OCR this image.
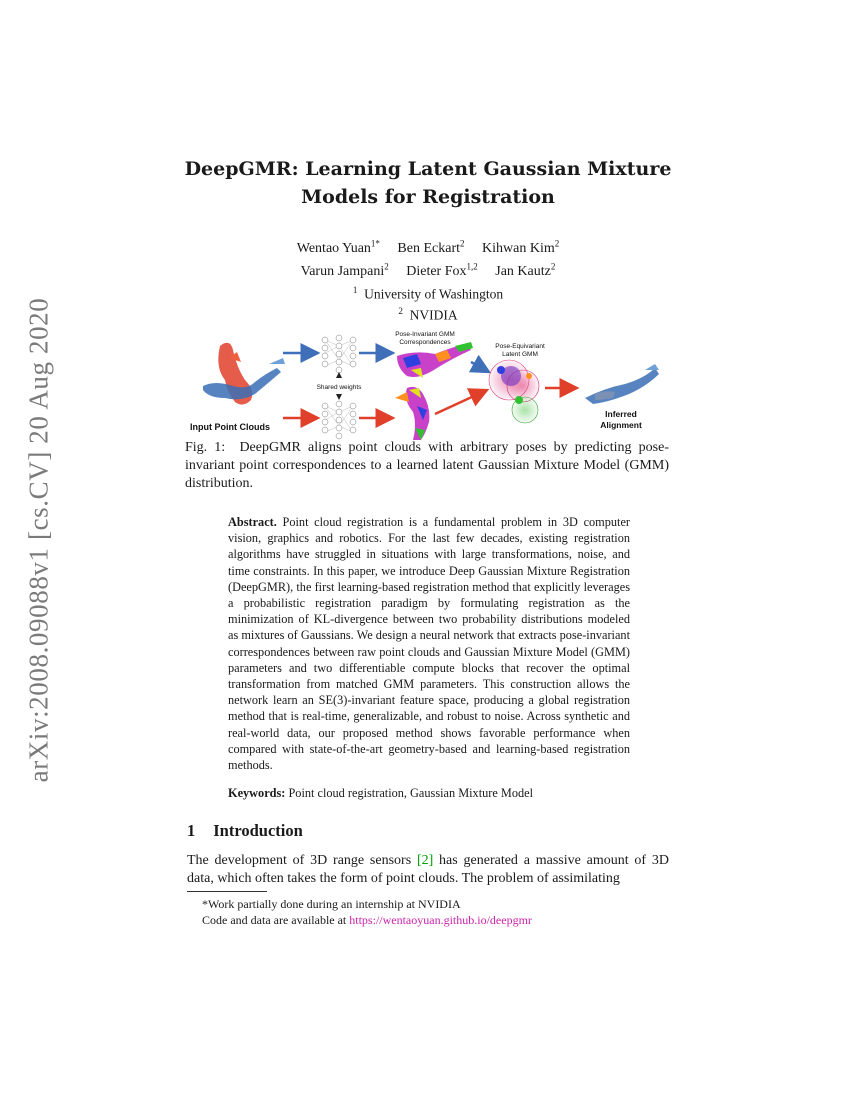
arXiv:2008.09088v1 [cs.CV] 20 Aug 2020
DeepGMR: Learning Latent Gaussian Mixture
Models for Registration
Wentao Yuan$^{1*}$ Ben Eckart$^2$ Kihwan Kim$^2$
Varun Jampani$^2$ Dieter Fox$^{1,2}$ Jan Kautz$^2$
$^1$ University of Washington
$^2$ NVIDIA
Input Point Clouds
Shared weights
Pose-Invariant GMM
Correspondences
Pose-Equivariant
Latent GMM
Inferred
Alignment
Fig. 1: DeepGMR aligns point clouds with arbitrary poses by predicting pose-invariant point correspondences to a learned latent Gaussian Mixture Model (GMM) distribution.
Abstract. Point cloud registration is a fundamental problem in 3D computer vision, graphics and robotics. For the last few decades, existing registration algorithms have struggled in situations with large transformations, noise, and time constraints. In this paper, we introduce Deep Gaussian Mixture Registration (DeepGMR), the first learning-based registration method that explicitly leverages a probabilistic registration paradigm by formulating registration as the minimization of KL-divergence between two probability distributions modeled as mixtures of Gaussians. We design a neural network that extracts pose-invariant correspondences between raw point clouds and Gaussian Mixture Model (GMM) parameters and two differentiable compute blocks that recover the optimal transformation from matched GMM parameters. This construction allows the network learn an SE(3)-invariant feature space, producing a global registration method that is real-time, generalizable, and robust to noise. Across synthetic and real-world data, our proposed method shows favorable performance when compared with state-of-the-art geometry-based and learning-based registration methods.
Keywords: Point cloud registration, Gaussian Mixture Model
1 Introduction
The development of 3D range sensors [2] has generated a massive amount of 3D data, which often takes the form of point clouds. The problem of assimilating
*Work partially done during an internship at NVIDIA
Code and data are available at https://wentaoyuan.github.io/deepgmr
